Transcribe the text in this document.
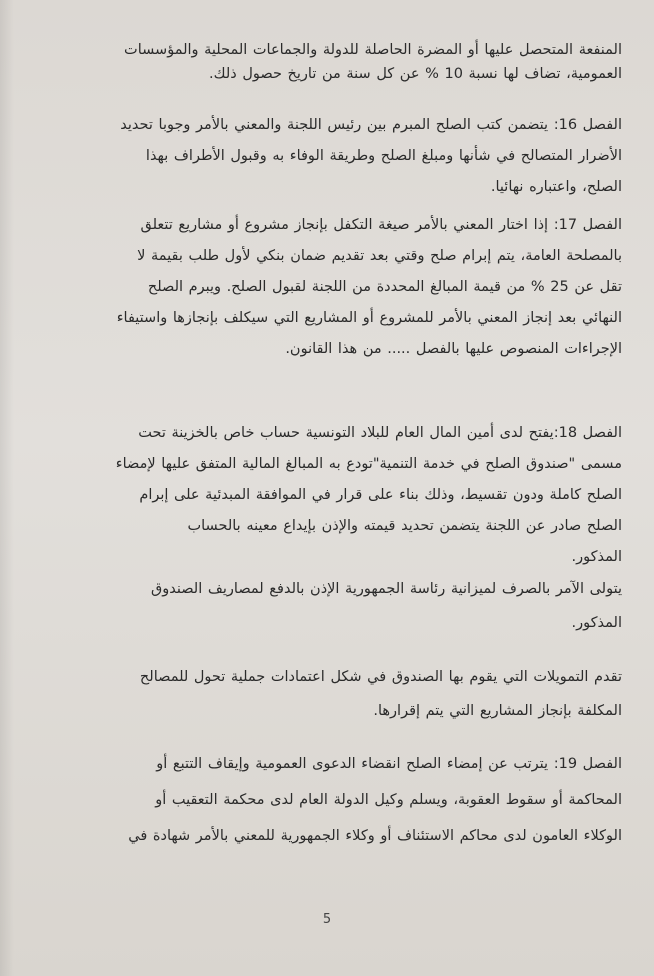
المنفعة المتحصل عليها أو المضرة الحاصلة للدولة والجماعات المحلية والمؤسسات
العمومية، تضاف لها نسبة 10 % عن كل سنة من تاريخ حصول ذلك.
الفصل 16: يتضمن كتب الصلح المبرم بين رئيس اللجنة والمعني بالأمر وجوبا تحديد
الأضرار المتصالح في شأنها ومبلغ الصلح وطريقة الوفاء به وقبول الأطراف بهذا
الصلح، واعتباره نهائيا.
الفصل 17: إذا اختار المعني بالأمر صيغة التكفل بإنجاز مشروع أو مشاريع تتعلق
بالمصلحة العامة، يتم إبرام صلح وقتي بعد تقديم ضمان بنكي لأول طلب بقيمة لا
تقل عن 25 % من قيمة المبالغ المحددة من اللجنة لقبول الصلح. ويبرم الصلح
النهائي بعد إنجاز المعني بالأمر للمشروع أو المشاريع التي سيكلف بإنجازها واستيفاء
الإجراءات المنصوص عليها بالفصل ..... من هذا القانون.
الفصل 18:يفتح لدى أمين المال العام للبلاد التونسية حساب خاص بالخزينة تحت
مسمى "صندوق الصلح في خدمة التنمية"تودع به المبالغ المالية المتفق عليها لإمضاء
الصلح كاملة ودون تقسيط، وذلك بناء على قرار في الموافقة المبدئية على إبرام
الصلح صادر عن اللجنة يتضمن تحديد قيمته والإذن بإيداع معينه بالحساب
المذكور.
يتولى الآمر بالصرف لميزانية رئاسة الجمهورية الإذن بالدفع لمصاريف الصندوق
المذكور.
تقدم التمويلات التي يقوم بها الصندوق في شكل اعتمادات جملية تحول للمصالح
المكلفة بإنجاز المشاريع التي يتم إقرارها.
الفصل 19: يترتب عن إمضاء الصلح انقضاء الدعوى العمومية وإيقاف التتبع أو
المحاكمة أو سقوط العقوبة، ويسلم وكيل الدولة العام لدى محكمة التعقيب أو
الوكلاء العامون لدى محاكم الاستئناف أو وكلاء الجمهورية للمعني بالأمر شهادة في
5
